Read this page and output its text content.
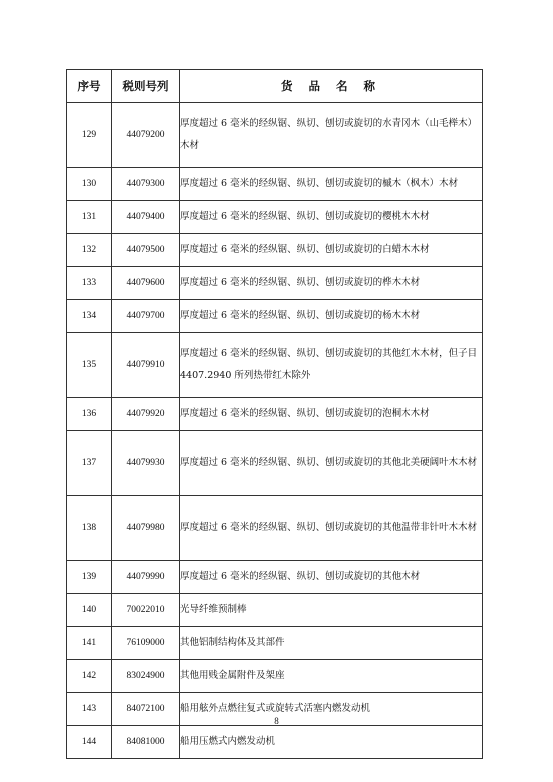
序号	税则号列	货 品 名 称
129	44079200	厚度超过 6 毫米的经纵锯、纵切、刨切或旋切的水青冈木（山毛榉木）木材
130	44079300	厚度超过 6 毫米的经纵锯、纵切、刨切或旋切的槭木（枫木）木材
131	44079400	厚度超过 6 毫米的经纵锯、纵切、刨切或旋切的樱桃木木材
132	44079500	厚度超过 6 毫米的经纵锯、纵切、刨切或旋切的白蜡木木材
133	44079600	厚度超过 6 毫米的经纵锯、纵切、刨切或旋切的桦木木材
134	44079700	厚度超过 6 毫米的经纵锯、纵切、刨切或旋切的杨木木材
135	44079910	厚度超过 6 毫米的经纵锯、纵切、刨切或旋切的其他红木木材，但子目 4407.2940 所列热带红木除外
136	44079920	厚度超过 6 毫米的经纵锯、纵切、刨切或旋切的泡桐木木材
137	44079930	厚度超过 6 毫米的经纵锯、纵切、刨切或旋切的其他北美硬阔叶木木材
138	44079980	厚度超过 6 毫米的经纵锯、纵切、刨切或旋切的其他温带非针叶木木材
139	44079990	厚度超过 6 毫米的经纵锯、纵切、刨切或旋切的其他木材
140	70022010	光导纤维预制棒
141	76109000	其他铝制结构体及其部件
142	83024900	其他用贱金属附件及架座
143	84072100	船用舷外点燃往复式或旋转式活塞内燃发动机
144	84081000	船用压燃式内燃发动机
8
